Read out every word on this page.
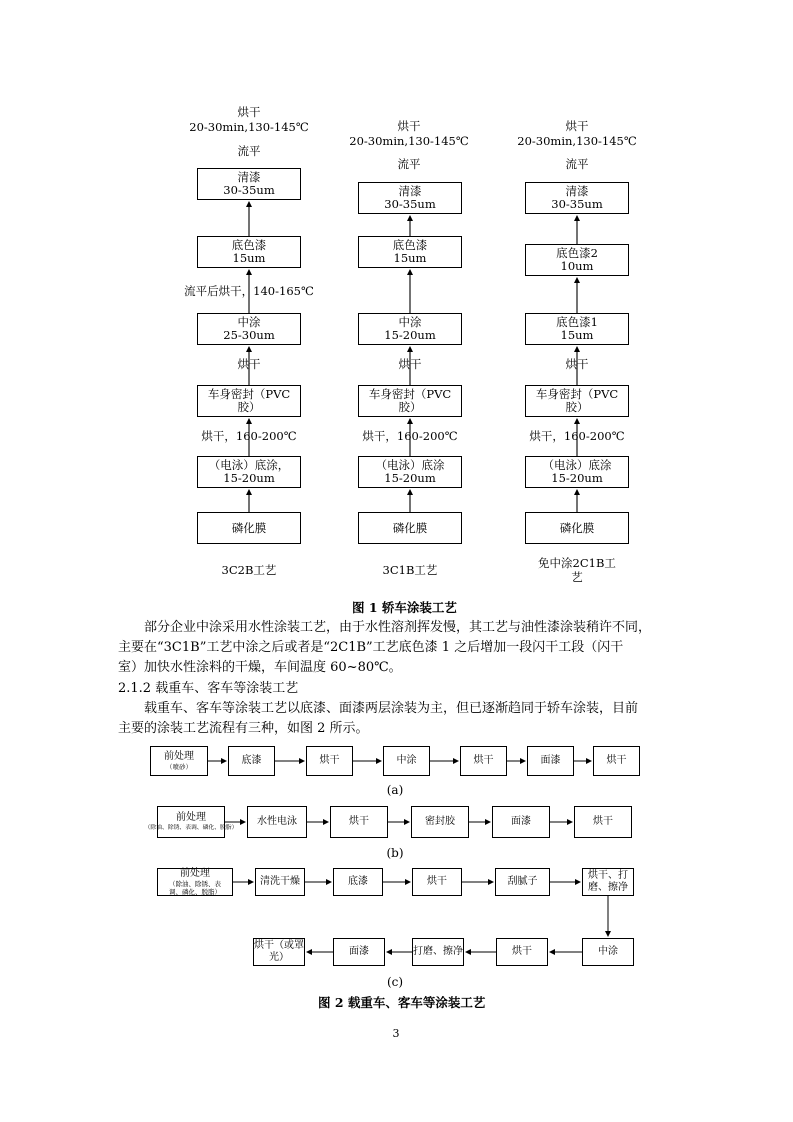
烘干
20-30min,130-145℃
流平
清漆
30-35um
底色漆
15um
流平后烘干，140-165℃
中涂
25-30um
烘干
车身密封（PVC
胶）
烘干，160-200℃
（电泳）底涂，
15-20um
磷化膜
3C2B工艺
烘干
20-30min,130-145℃
流平
清漆
30-35um
底色漆
15um
中涂
15-20um
烘干
车身密封（PVC
胶）
烘干，160-200℃
（电泳）底涂
15-20um
磷化膜
3C1B工艺
烘干
20-30min,130-145℃
流平
清漆
30-35um
底色漆2
10um
底色漆1
15um
烘干
车身密封（PVC
胶）
烘干，160-200℃
（电泳）底涂
15-20um
磷化膜
免中涂2C1B工
艺
图 1 轿车涂装工艺
部分企业中涂采用水性涂装工艺，由于水性溶剂挥发慢，其工艺与油性漆涂装稍许不同，
主要在“3C1B”工艺中涂之后或者是“2C1B”工艺底色漆 1 之后增加一段闪干工段（闪干
室）加快水性涂料的干燥，车间温度 60~80℃。
2.1.2 载重车、客车等涂装工艺
载重车、客车等涂装工艺以底漆、面漆两层涂装为主，但已逐渐趋同于轿车涂装，目前
主要的涂装工艺流程有三种，如图 2 所示。
前处理
（喷砂）
底漆	烘干	中涂	烘干	面漆	烘干
(a)
前处理
（除油、除锈、表调、磷化、脱脂）
水性电泳	烘干	密封胶	面漆	烘干
(b)
前处理
（除油、除锈、表
调、磷化、脱脂）
清洗干燥	底漆	烘干	刮腻子
烘干、打
磨、擦净
中涂
烘干
打磨、擦净
面漆
烘干（或罩
光）
(c)
图 2 载重车、客车等涂装工艺
3
